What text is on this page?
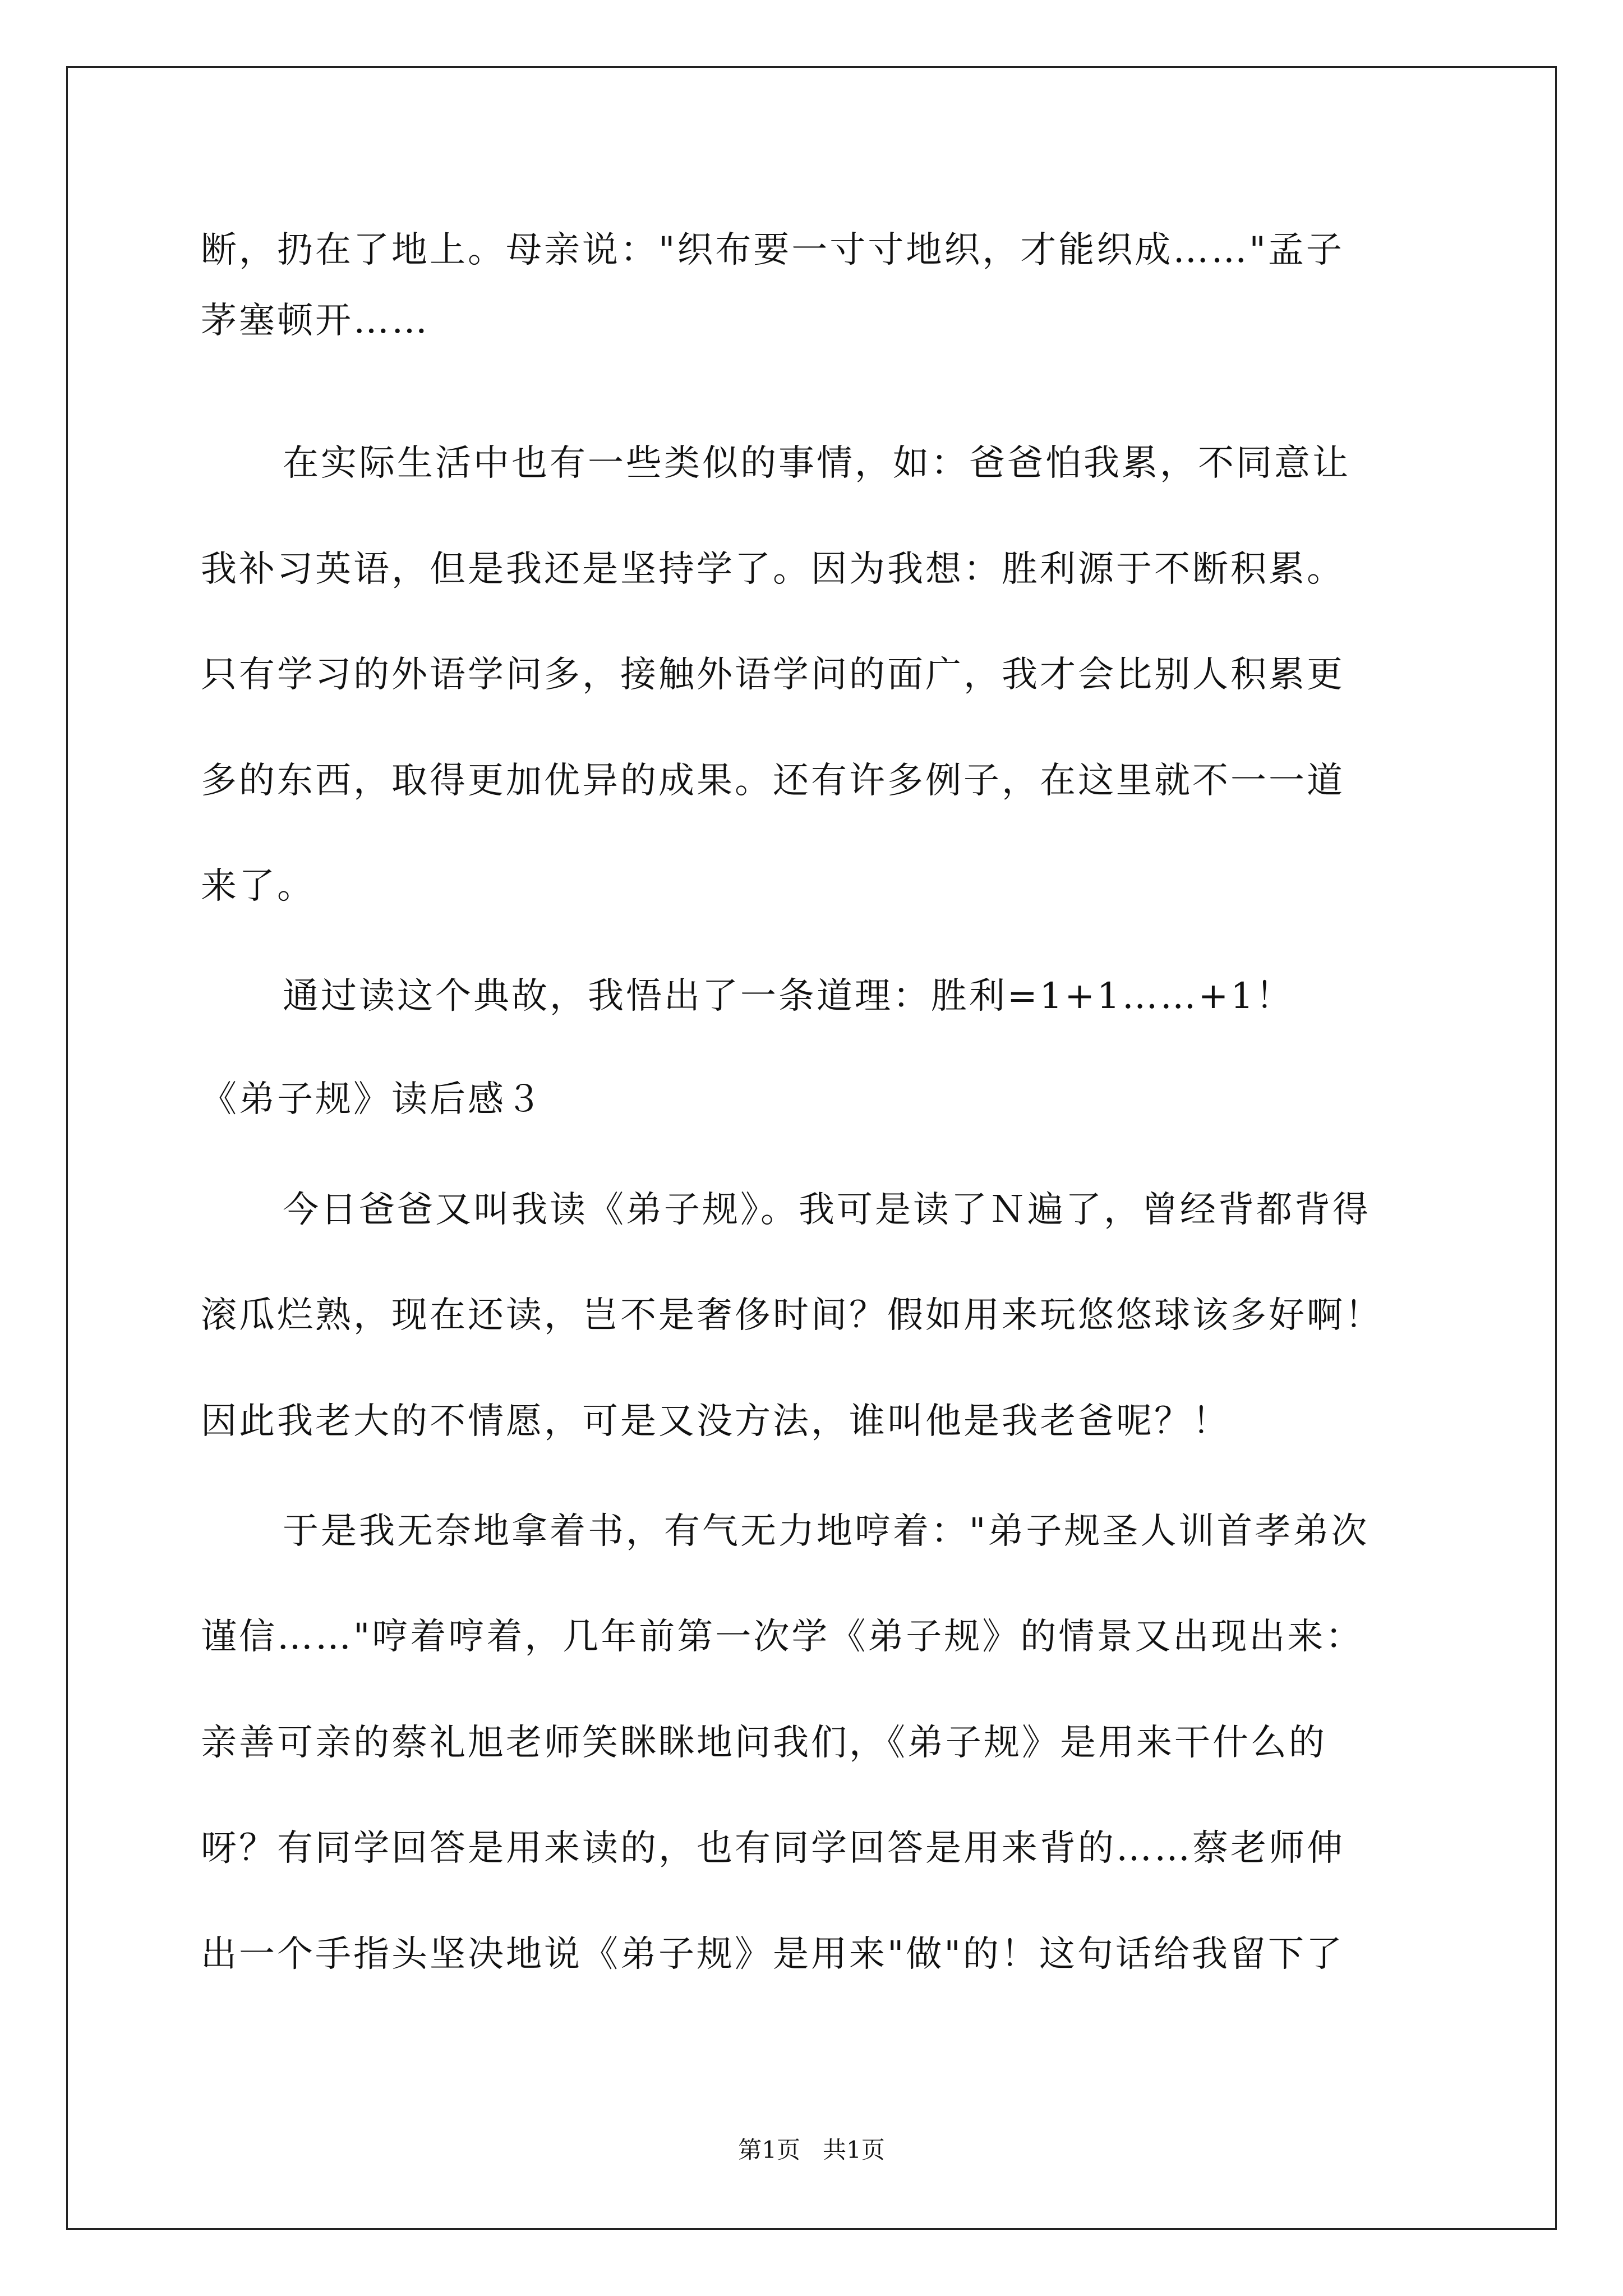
断，扔在了地上。母亲说："织布要一寸寸地织，才能织成……"孟子
茅塞顿开……
在实际生活中也有一些类似的事情，如：爸爸怕我累，不同意让
我补习英语，但是我还是坚持学了。因为我想：胜利源于不断积累。
只有学习的外语学问多，接触外语学问的面广，我才会比别人积累更
多的东西，取得更加优异的成果。还有许多例子，在这里就不一一道
来了。
通过读这个典故，我悟出了一条道理：胜利=1+1……+1！
《弟子规》读后感３
今日爸爸又叫我读《弟子规》。我可是读了Ｎ遍了，曾经背都背得
滚瓜烂熟，现在还读，岂不是奢侈时间？假如用来玩悠悠球该多好啊！
因此我老大的不情愿，可是又没方法，谁叫他是我老爸呢？！
于是我无奈地拿着书，有气无力地哼着："弟子规圣人训首孝弟次
谨信……"哼着哼着，几年前第一次学《弟子规》的情景又出现出来：
亲善可亲的蔡礼旭老师笑眯眯地问我们，《弟子规》是用来干什么的
呀？有同学回答是用来读的，也有同学回答是用来背的……蔡老师伸
出一个手指头坚决地说《弟子规》是用来"做"的！这句话给我留下了
第1页   共1页
